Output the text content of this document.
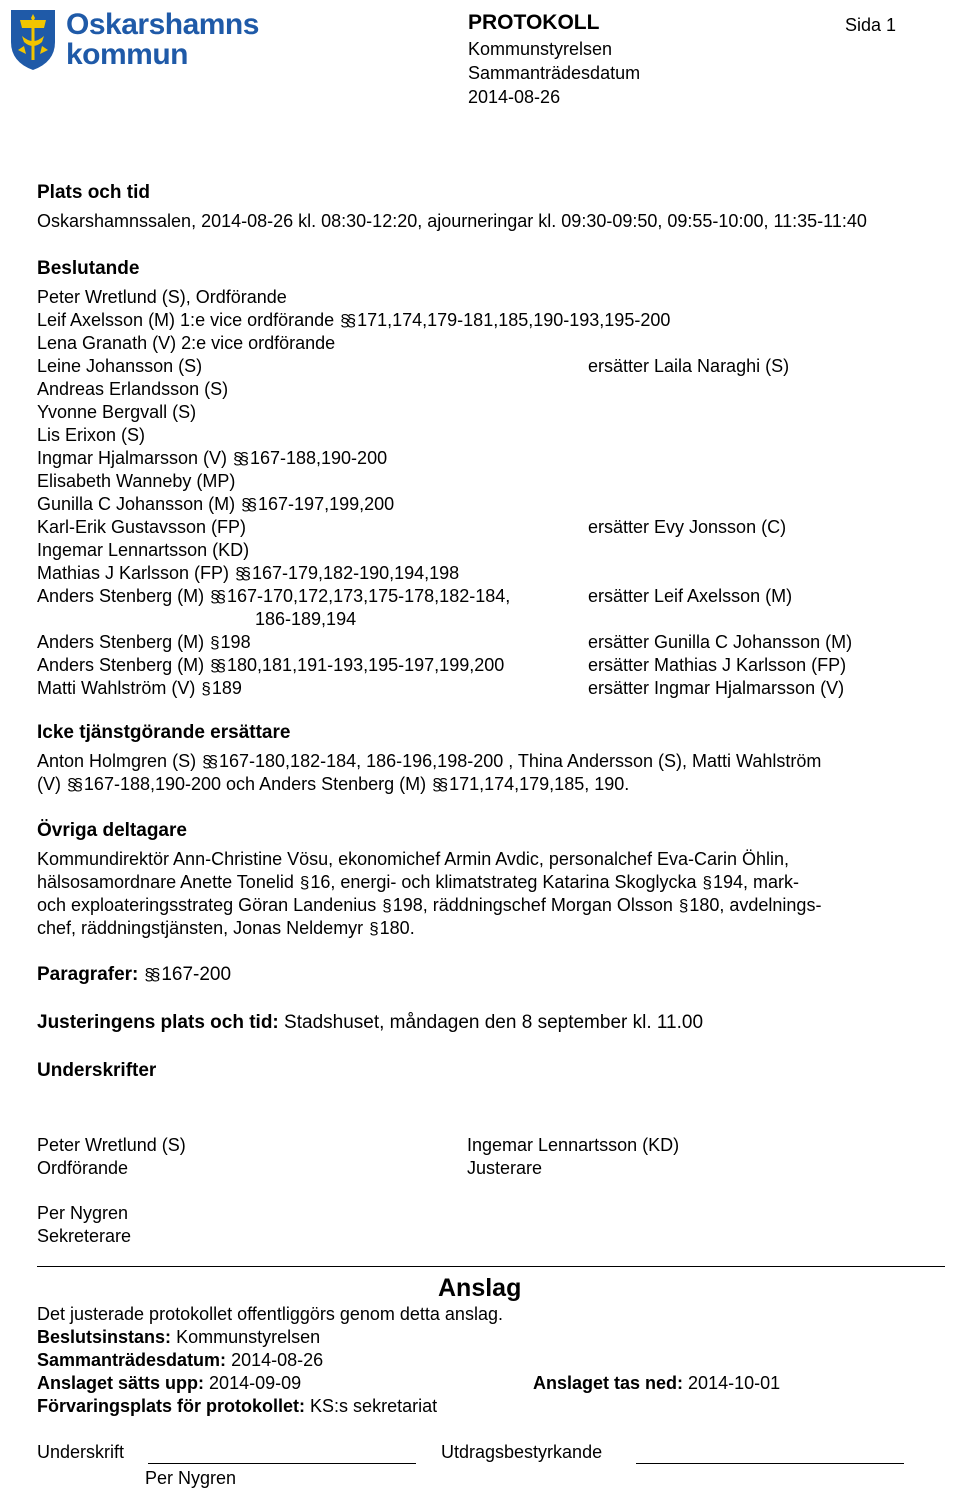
Oskarshamns
kommun
PROTOKOLL	Sida 1
Kommunstyrelsen
Sammanträdesdatum
2014-08-26
Plats och tid
Oskarshamnssalen, 2014-08-26 kl. 08:30-12:20, ajourneringar kl. 09:30-09:50, 09:55-10:00, 11:35-11:40
Beslutande
Peter Wretlund (S), Ordförande
Leif Axelsson (M) 1:e vice ordförande §§ 171,174,179-181,185,190-193,195-200
Lena Granath (V) 2:e vice ordförande
Leine Johansson (S)	ersätter Laila Naraghi (S)
Andreas Erlandsson (S)
Yvonne Bergvall (S)
Lis Erixon (S)
Ingmar Hjalmarsson (V) §§ 167-188,190-200
Elisabeth Wanneby (MP)
Gunilla C Johansson (M) §§ 167-197,199,200
Karl-Erik Gustavsson (FP)	ersätter Evy Jonsson (C)
Ingemar Lennartsson (KD)
Mathias J Karlsson (FP) §§ 167-179,182-190,194,198
Anders Stenberg (M) §§ 167-170,172,173,175-178,182-184,	ersätter Leif Axelsson (M)
186-189,194
Anders Stenberg (M) § 198	ersätter Gunilla C Johansson (M)
Anders Stenberg (M) §§ 180,181,191-193,195-197,199,200	ersätter Mathias J Karlsson (FP)
Matti Wahlström (V) § 189	ersätter Ingmar Hjalmarsson (V)
Icke tjänstgörande ersättare
Anton Holmgren (S) §§ 167-180,182-184, 186-196,198-200 , Thina Andersson (S), Matti Wahlström
(V) §§ 167-188,190-200 och Anders Stenberg (M) §§ 171,174,179,185, 190.
Övriga deltagare
Kommundirektör Ann-Christine Vösu, ekonomichef Armin Avdic, personalchef Eva-Carin Öhlin,
hälsosamordnare Anette Tonelid § 16, energi- och klimatstrateg Katarina Skoglycka § 194, mark-
och exploateringsstrateg Göran Landenius § 198, räddningschef Morgan Olsson § 180, avdelnings-
chef, räddningstjänsten, Jonas Neldemyr § 180.
Paragrafer: §§ 167-200
Justeringens plats och tid: Stadshuset, måndagen den 8 september kl. 11.00
Underskrifter
Peter Wretlund (S)
Ordförande
Ingemar Lennartsson (KD)
Justerare
Per Nygren
Sekreterare
Anslag
Det justerade protokollet offentliggörs genom detta anslag.
Beslutsinstans: Kommunstyrelsen
Sammanträdesdatum: 2014-08-26
Anslaget sätts upp: 2014-09-09	Anslaget tas ned: 2014-10-01
Förvaringsplats för protokollet: KS:s sekretariat
Underskrift
Per Nygren
Utdragsbestyrkande
